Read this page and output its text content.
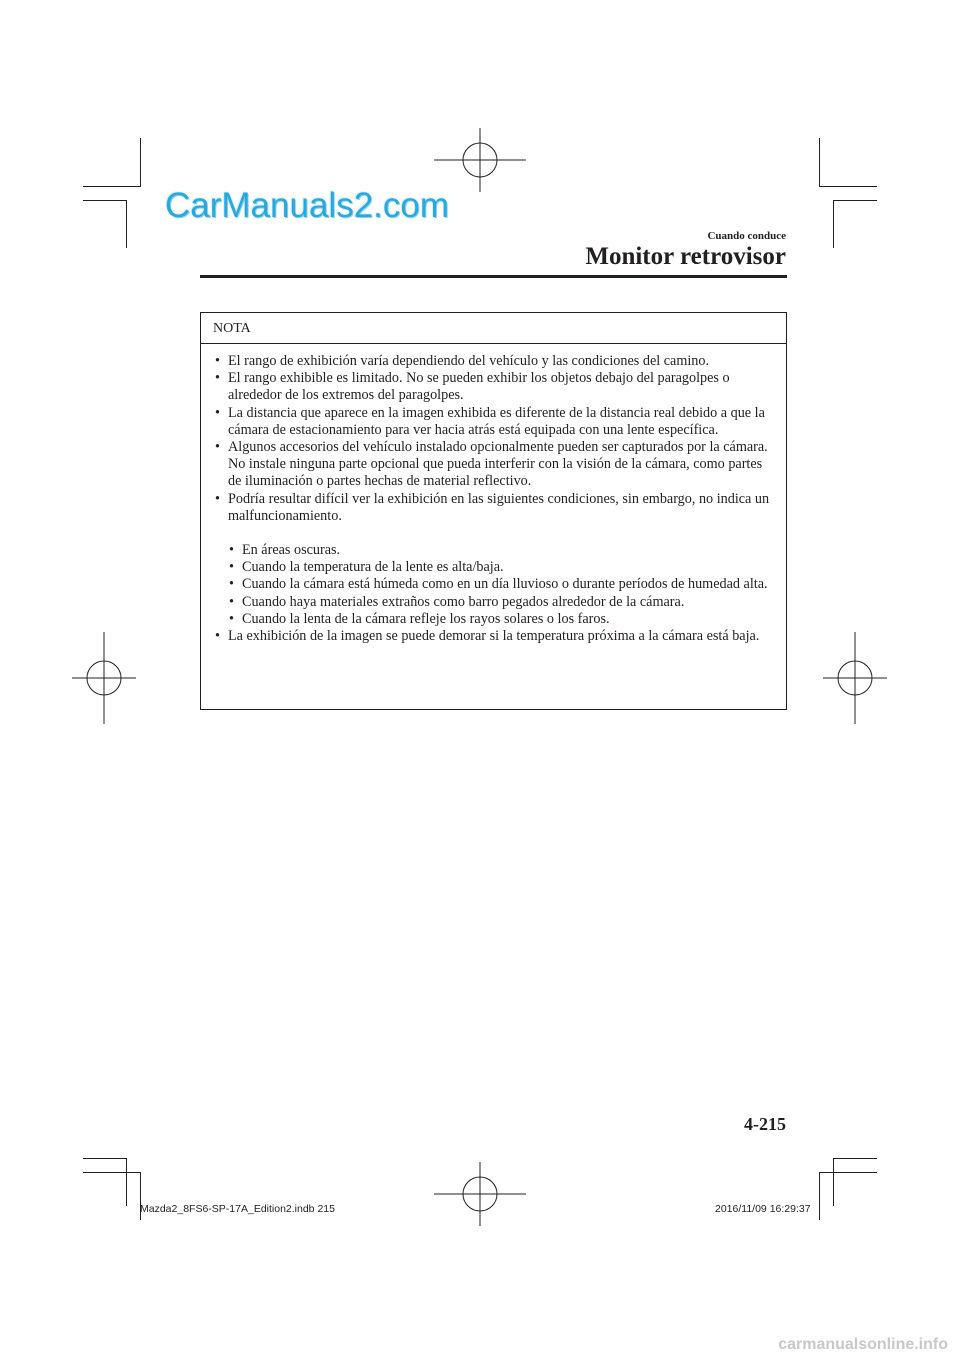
CarManuals2.com
Cuando conduce
Monitor retrovisor
NOTA
• El rango de exhibición varía dependiendo del vehículo y las condiciones del camino.
• El rango exhibible es limitado. No se pueden exhibir los objetos debajo del paragolpes o alrededor de los extremos del paragolpes.
• La distancia que aparece en la imagen exhibida es diferente de la distancia real debido a que la cámara de estacionamiento para ver hacia atrás está equipada con una lente específica.
• Algunos accesorios del vehículo instalado opcionalmente pueden ser capturados por la cámara. No instale ninguna parte opcional que pueda interferir con la visión de la cámara, como partes de iluminación o partes hechas de material reflectivo.
• Podría resultar difícil ver la exhibición en las siguientes condiciones, sin embargo, no indica un malfuncionamiento.
• En áreas oscuras.
• Cuando la temperatura de la lente es alta/baja.
• Cuando la cámara está húmeda como en un día lluvioso o durante períodos de humedad alta.
• Cuando haya materiales extraños como barro pegados alrededor de la cámara.
• Cuando la lenta de la cámara refleje los rayos solares o los faros.
• La exhibición de la imagen se puede demorar si la temperatura próxima a la cámara está baja.
4-215
Mazda2_8FS6-SP-17A_Edition2.indb 215	2016/11/09 16:29:37
carmanualsonline.info
